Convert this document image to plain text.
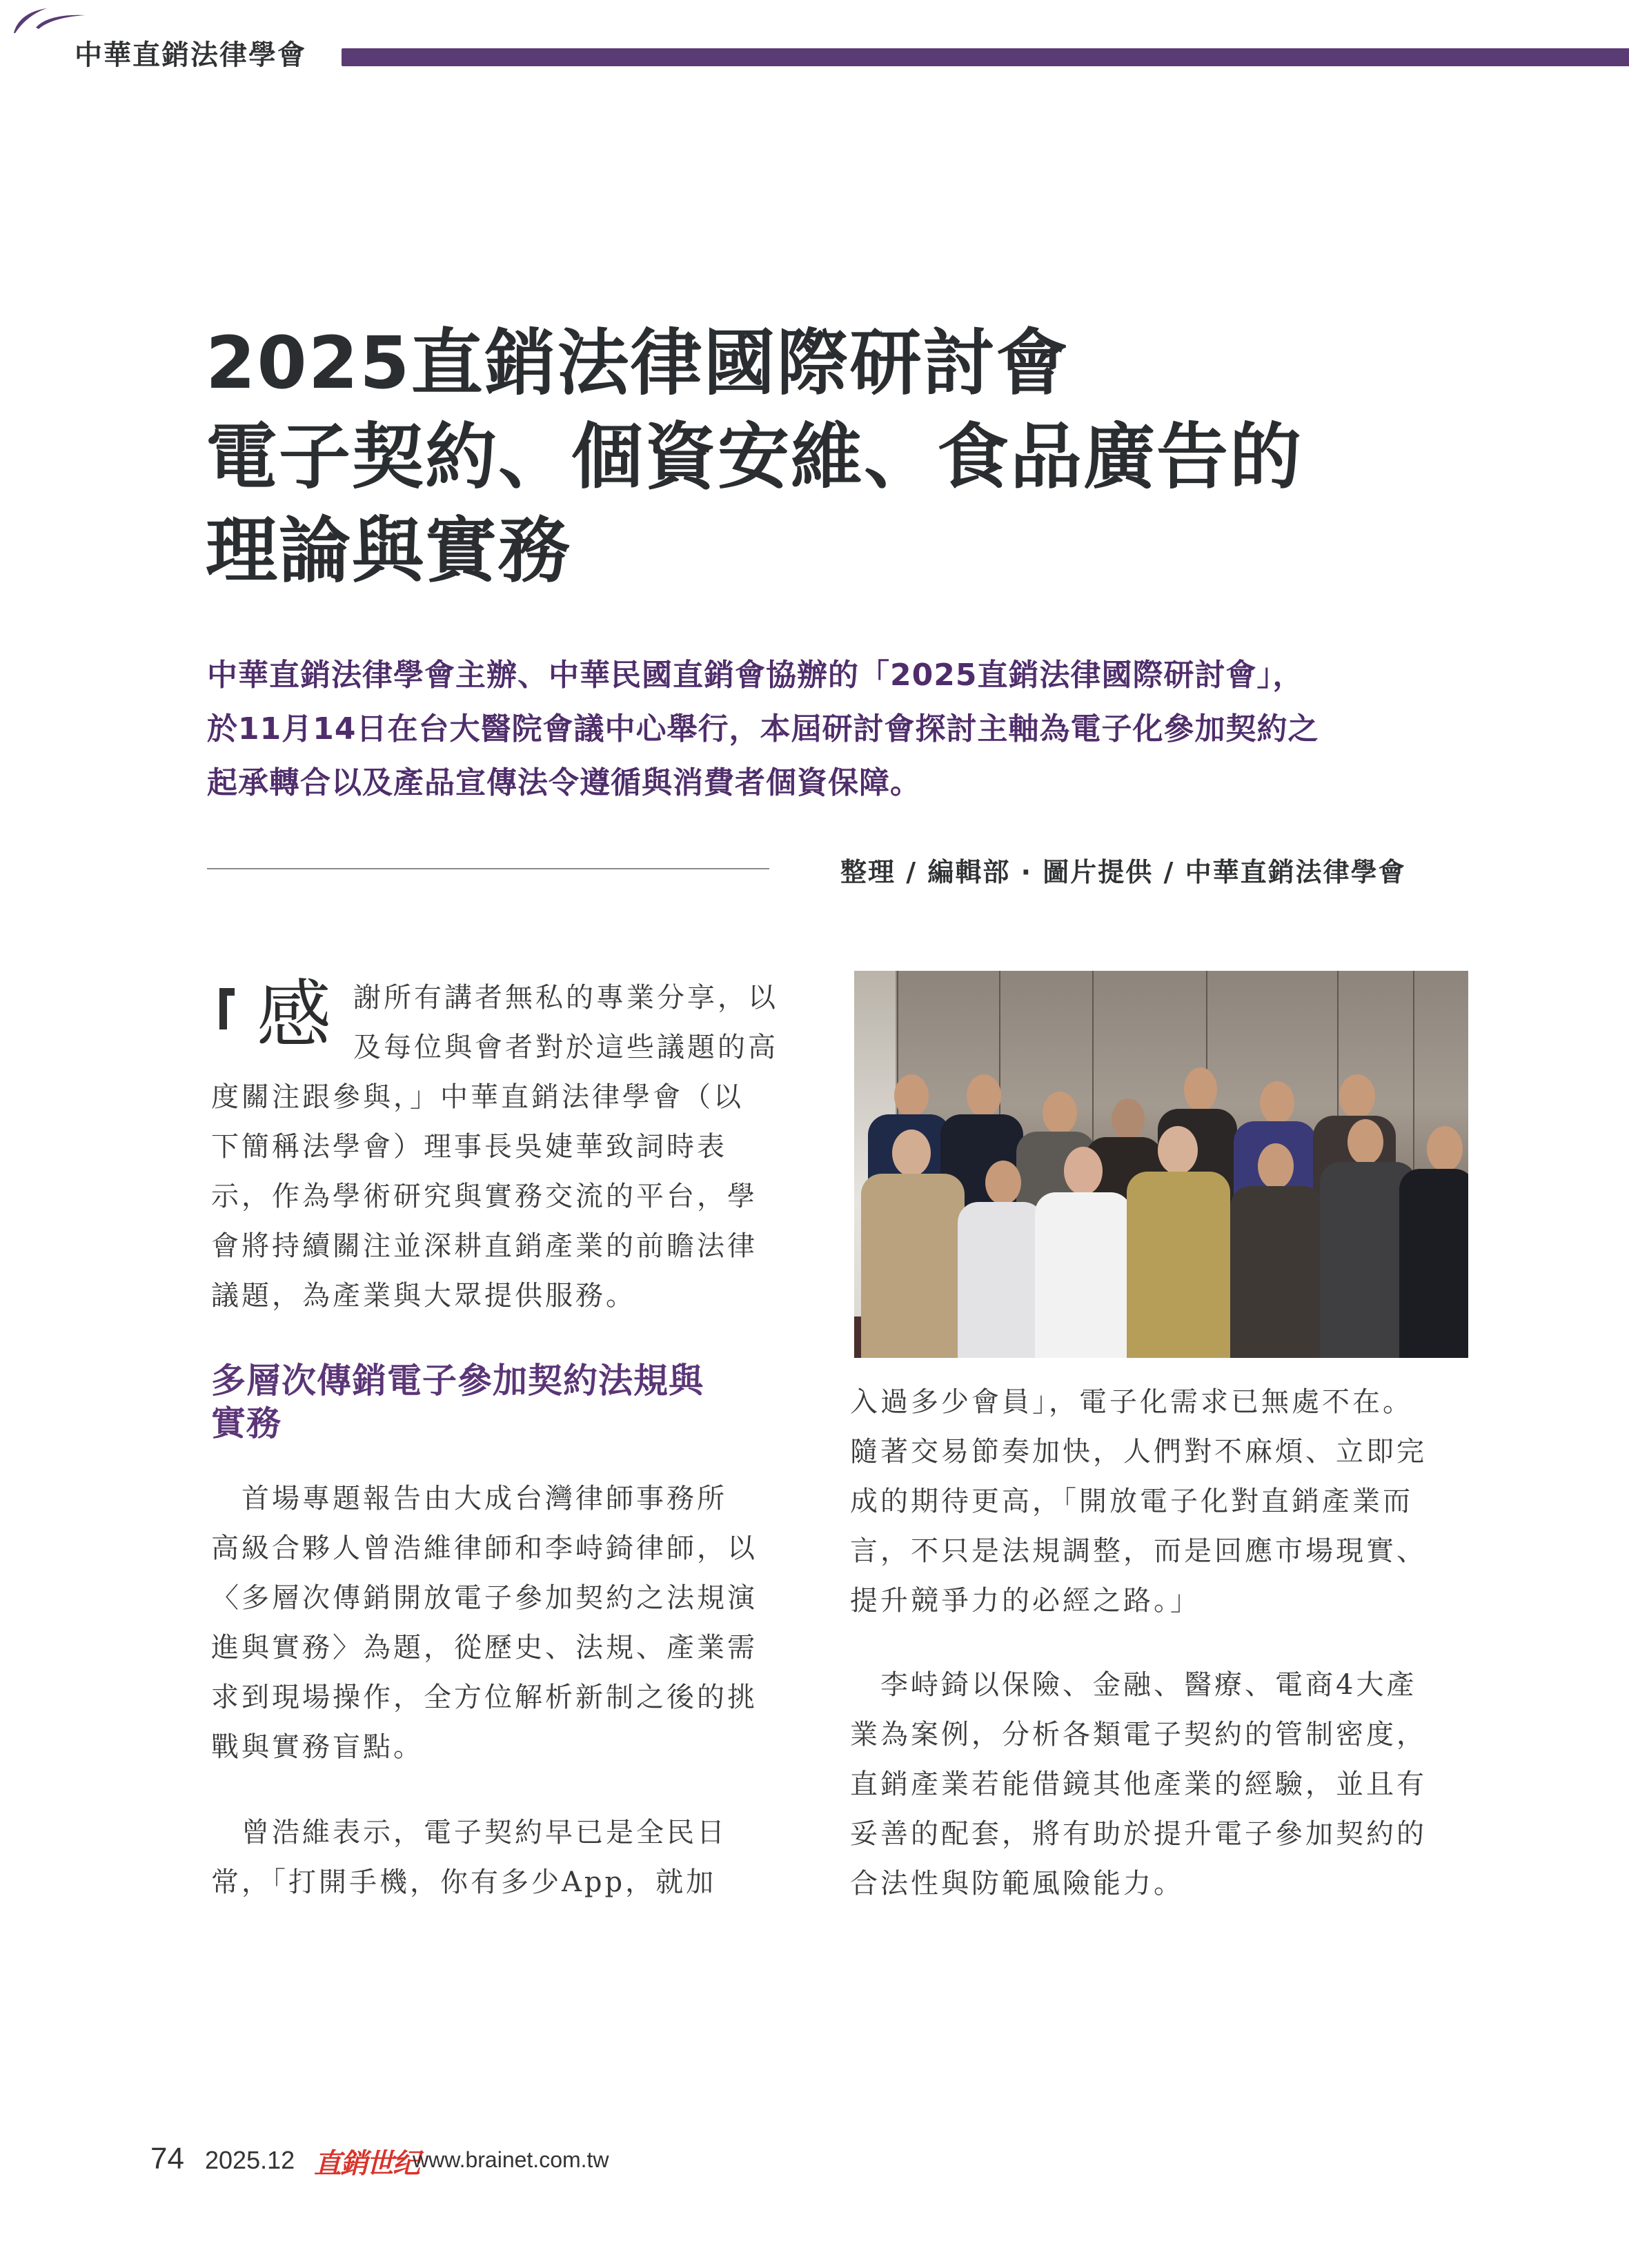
中華直銷法律學會
2025直銷法律國際研討會
電子契約、個資安維、食品廣告的
理論與實務
中華直銷法律學會主辦、中華民國直銷會協辦的「2025直銷法律國際研討會」，
於11月14日在台大醫院會議中心舉行，本屆研討會探討主軸為電子化參加契約之
起承轉合以及產品宣傳法令遵循與消費者個資保障。
整理 / 編輯部 · 圖片提供 / 中華直銷法律學會
感 謝所有講者無私的專業分享，以
及每位與會者對於這些議題的高
度關注跟參與，」中華直銷法律學會（以
下簡稱法學會）理事長吳婕華致詞時表
示，作為學術研究與實務交流的平台，學
會將持續關注並深耕直銷產業的前瞻法律
議題，為產業與大眾提供服務。
多層次傳銷電子參加契約法規與
實務
　首場專題報告由大成台灣律師事務所
高級合夥人曾浩維律師和李峙錡律師，以
〈多層次傳銷開放電子參加契約之法規演
進與實務〉為題，從歷史、法規、產業需
求到現場操作，全方位解析新制之後的挑
戰與實務盲點。
　曾浩維表示，電子契約早已是全民日
常，「打開手機，你有多少App，就加
入過多少會員」，電子化需求已無處不在。
隨著交易節奏加快，人們對不麻煩、立即完
成的期待更高，「開放電子化對直銷產業而
言，不只是法規調整，而是回應市場現實、
提升競爭力的必經之路。」
　李峙錡以保險、金融、醫療、電商4大產
業為案例，分析各類電子契約的管制密度，
直銷產業若能借鏡其他產業的經驗，並且有
妥善的配套，將有助於提升電子參加契約的
合法性與防範風險能力。
74 2025.12 直銷世纪
www.brainet.com.tw
